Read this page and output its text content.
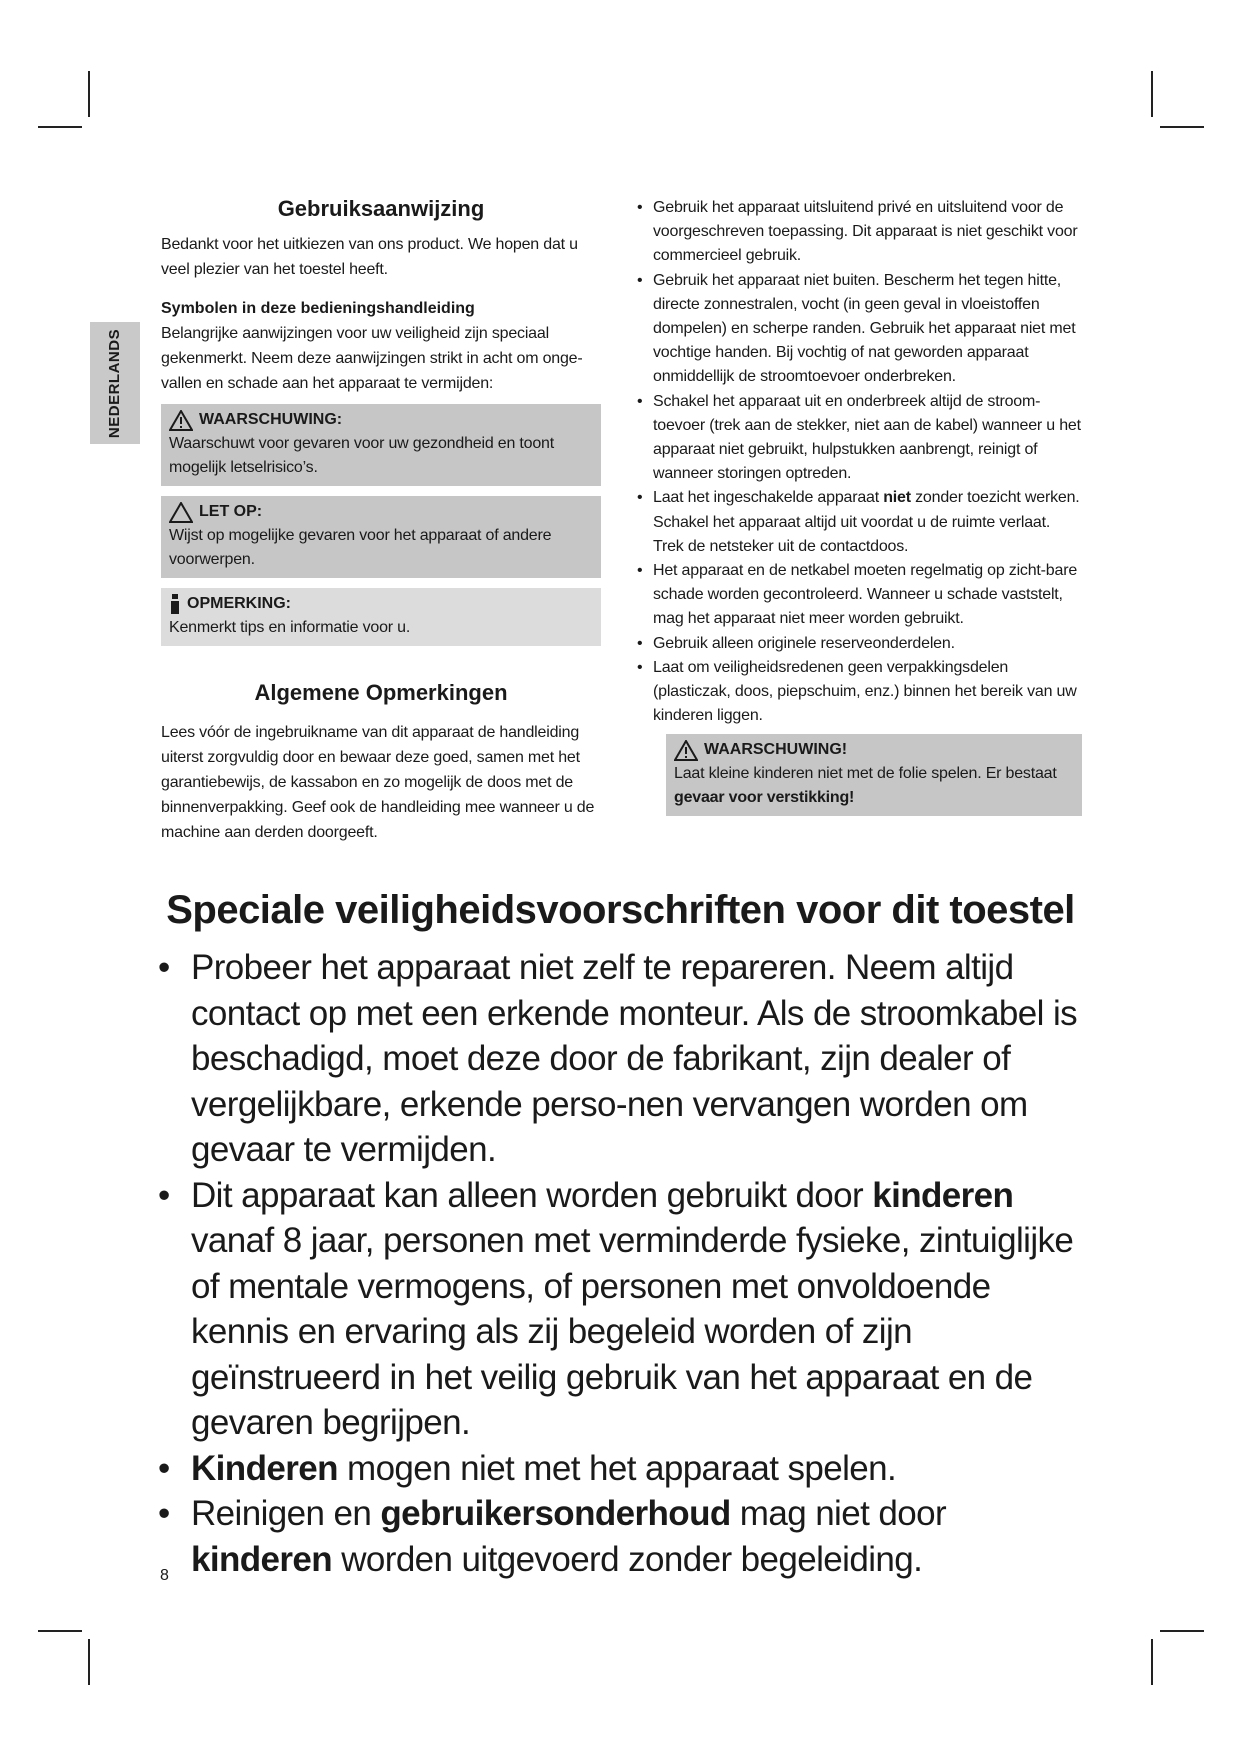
NEDERLANDS
Gebruiksaanwijzing

Bedankt voor het uitkiezen van ons product. We hopen dat u veel plezier van het toestel heeft.

Symbolen in deze bedieningshandleiding

Belangrijke aanwijzingen voor uw veiligheid zijn speciaal gekenmerkt. Neem deze aanwijzingen strikt in acht om onge-vallen en schade aan het apparaat te vermijden:

WAARSCHUWING:
Waarschuwt voor gevaren voor uw gezondheid en toont mogelijk letselrisico’s.
LET OP:
Wijst op mogelijke gevaren voor het apparaat of andere voorwerpen.
OPMERKING:
Kenmerkt tips en informatie voor u.
Algemene Opmerkingen

Lees vóór de ingebruikname van dit apparaat de handleiding uiterst zorgvuldig door en bewaar deze goed, samen met het garantiebewijs, de kassabon en zo mogelijk de doos met de binnenverpakking. Geef ook de handleiding mee wanneer u de machine aan derden doorgeeft.

• Gebruik het apparaat uitsluitend privé en uitsluitend voor de voorgeschreven toepassing. Dit apparaat is niet geschikt voor commercieel gebruik.
• Gebruik het apparaat niet buiten. Bescherm het tegen hitte, directe zonnestralen, vocht (in geen geval in vloeistoffen dompelen) en scherpe randen. Gebruik het apparaat niet met vochtige handen. Bij vochtig of nat geworden apparaat onmiddellijk de stroomtoevoer onderbreken.
• Schakel het apparaat uit en onderbreek altijd de stroom-toevoer (trek aan de stekker, niet aan de kabel) wanneer u het apparaat niet gebruikt, hulpstukken aanbrengt, reinigt of wanneer storingen optreden.
• Laat het ingeschakelde apparaat niet zonder toezicht werken. Schakel het apparaat altijd uit voordat u de ruimte verlaat. Trek de netsteker uit de contactdoos.
• Het apparaat en de netkabel moeten regelmatig op zicht-bare schade worden gecontroleerd. Wanneer u schade vaststelt, mag het apparaat niet meer worden gebruikt.
• Gebruik alleen originele reserveonderdelen.
• Laat om veiligheidsredenen geen verpakkingsdelen (plasticzak, doos, piepschuim, enz.) binnen het bereik van uw kinderen liggen.
WAARSCHUWING!
Laat kleine kinderen niet met de folie spelen. Er bestaat gevaar voor verstikking!
Speciale veiligheidsvoorschriften voor dit toestel
• Probeer het apparaat niet zelf te repareren. Neem altijd contact op met een erkende monteur. Als de stroomkabel is beschadigd, moet deze door de fabrikant, zijn dealer of vergelijkbare, erkende perso-nen vervangen worden om gevaar te vermijden.
• Dit apparaat kan alleen worden gebruikt door kinderen vanaf 8 jaar, personen met verminderde fysieke, zintuiglijke of mentale vermogens, of personen met onvoldoende kennis en ervaring als zij begeleid worden of zijn geïnstrueerd in het veilig gebruik van het apparaat en de gevaren begrijpen.
• Kinderen mogen niet met het apparaat spelen.
• Reinigen en gebruikersonderhoud mag niet door kinderen worden uitgevoerd zonder begeleiding.
8
